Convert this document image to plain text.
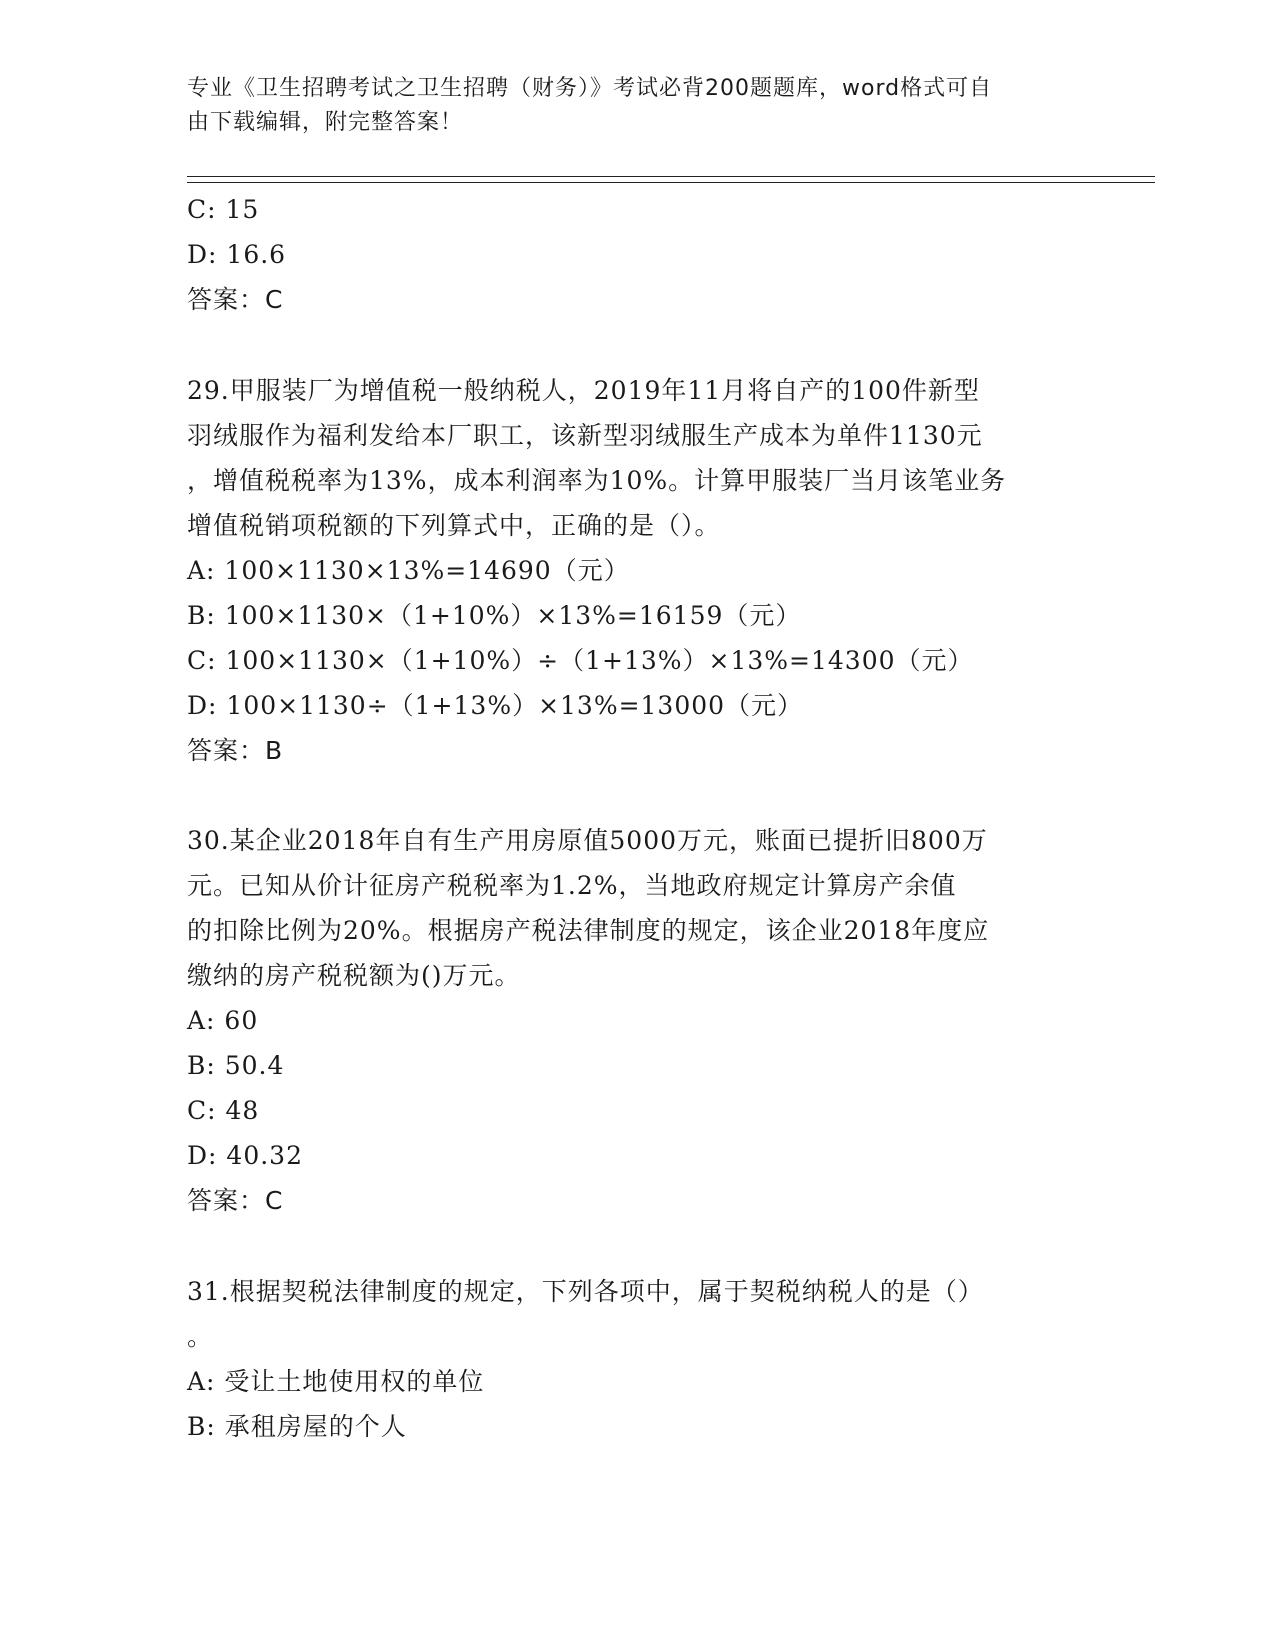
专业《卫生招聘考试之卫生招聘（财务）》考试必背200题题库，word格式可自
由下载编辑，附完整答案！
C: 15
D: 16.6
答案：C
29.甲服装厂为增值税一般纳税人，2019年11月将自产的100件新型
羽绒服作为福利发给本厂职工，该新型羽绒服生产成本为单件1130元
，增值税税率为13%，成本利润率为10%。计算甲服装厂当月该笔业务
增值税销项税额的下列算式中，正确的是（）。
A: 100×1130×13%=14690（元）
B: 100×1130×（1+10%）×13%=16159（元）
C: 100×1130×（1+10%）÷（1+13%）×13%=14300（元）
D: 100×1130÷（1+13%）×13%=13000（元）
答案：B
30.某企业2018年自有生产用房原值5000万元，账面已提折旧800万
元。已知从价计征房产税税率为1.2%，当地政府规定计算房产余值
的扣除比例为20%。根据房产税法律制度的规定，该企业2018年度应
缴纳的房产税税额为()万元。
A: 60
B: 50.4
C: 48
D: 40.32
答案：C
31.根据契税法律制度的规定，下列各项中，属于契税纳税人的是（）
。
A: 受让土地使用权的单位
B: 承租房屋的个人
